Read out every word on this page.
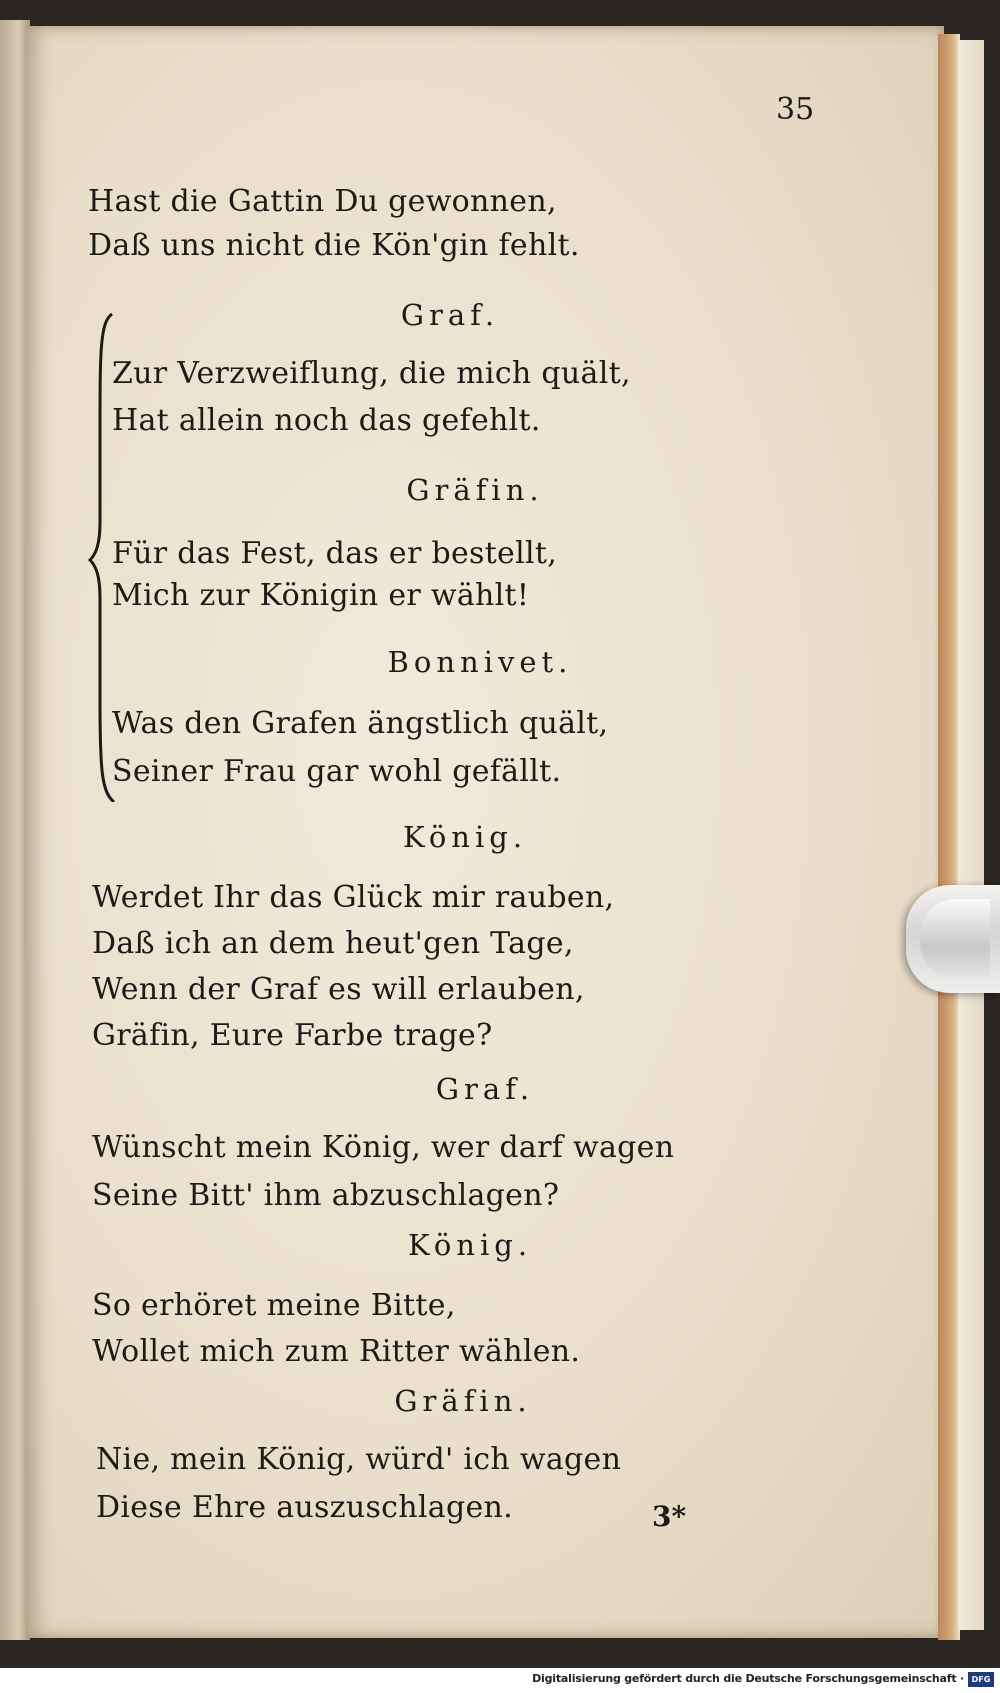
35
Hast die Gattin Du gewonnen,
Daß uns nicht die Kön'gin fehlt.
Graf.
Zur Verzweiflung, die mich quält,
Hat allein noch das gefehlt.
Gräfin.
Für das Fest, das er bestellt,
Mich zur Königin er wählt!
Bonnivet.
Was den Grafen ängstlich quält,
Seiner Frau gar wohl gefällt.
König.
Werdet Ihr das Glück mir rauben,
Daß ich an dem heut'gen Tage,
Wenn der Graf es will erlauben,
Gräfin, Eure Farbe trage?
Graf.
Wünscht mein König, wer darf wagen
Seine Bitt' ihm abzuschlagen?
König.
So erhöret meine Bitte,
Wollet mich zum Ritter wählen.
Gräfin.
Nie, mein König, würd' ich wagen
Diese Ehre auszuschlagen.	3*
Digitalisierung gefördert durch die Deutsche Forschungsgemeinschaft · DFG
